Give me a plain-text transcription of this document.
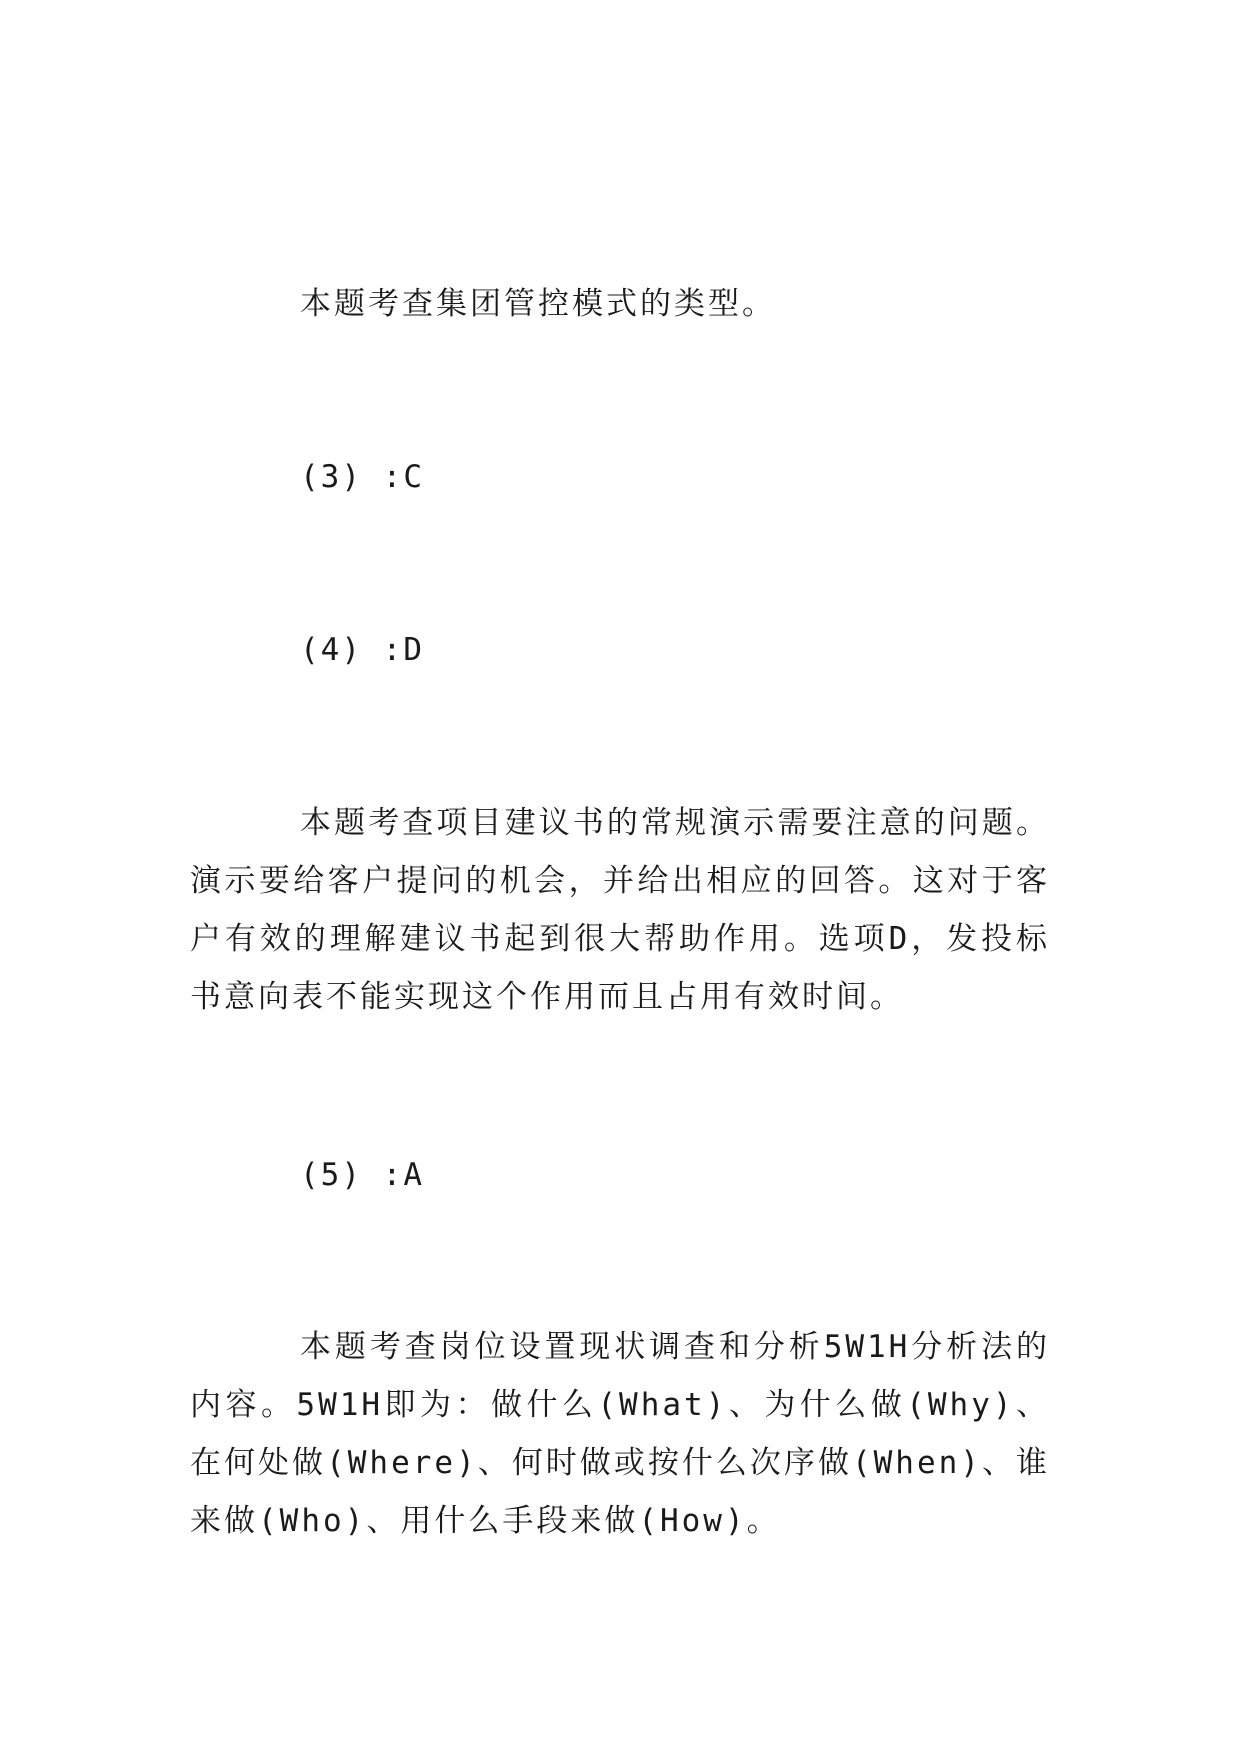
本题考查集团管控模式的类型。

(3) :C

(4) :D

本题考查项目建议书的常规演示需要注意的问题。演示要给客户提问的机会，并给出相应的回答。这对于客户有效的理解建议书起到很大帮助作用。选项D，发投标书意向表不能实现这个作用而且占用有效时间。

(5) :A

本题考查岗位设置现状调查和分析5W1H分析法的内容。5W1H即为：做什么(What)、为什么做(Why)、在何处做(Where)、何时做或按什么次序做(When)、谁来做(Who)、用什么手段来做(How)。
